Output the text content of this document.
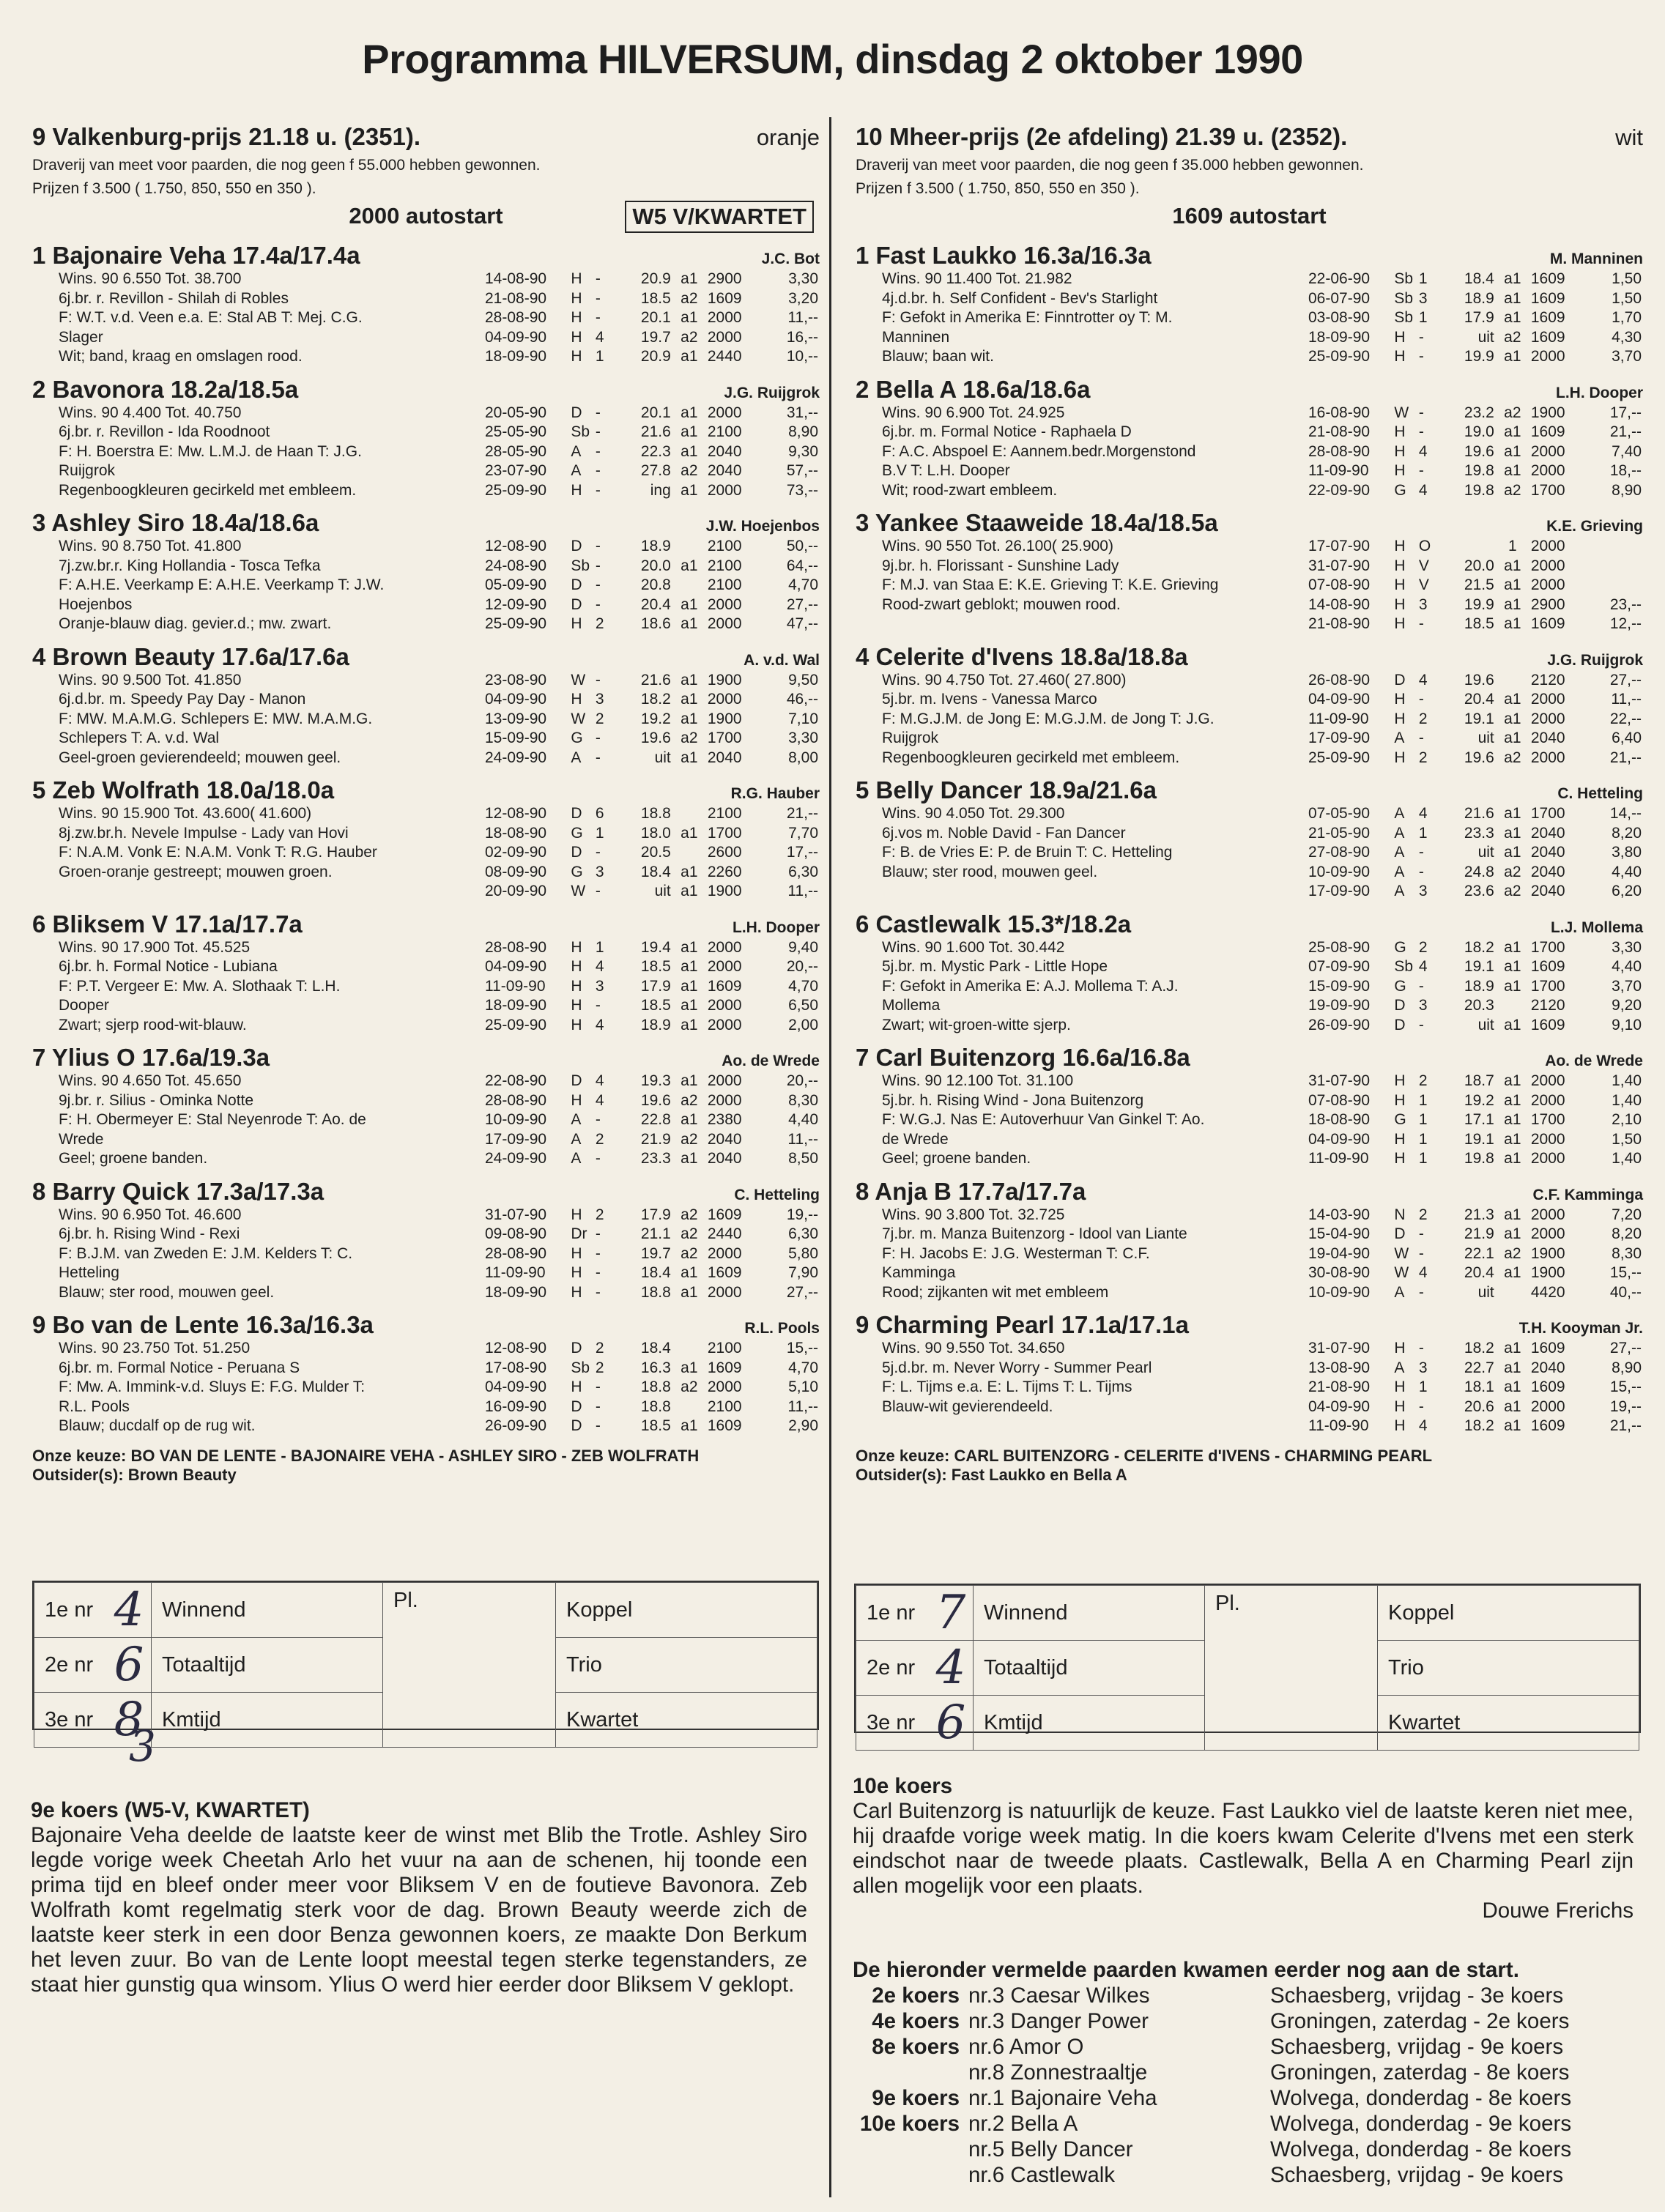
Programma HILVERSUM, dinsdag 2 oktober 1990
9 Valkenburg-prijs 21.18 u. (2351).	oranje
Draverij van meet voor paarden, die nog geen f 55.000 hebben gewonnen.
Prijzen f 3.500 ( 1.750, 850, 550 en 350 ).
2000 autostart	W5 V/KWARTET
1 Bajonaire Veha 17.4a/17.4a	J.C. Bot
Wins. 90 6.550 Tot. 38.700
6j.br. r. Revillon - Shilah di Robles
F: W.T. v.d. Veen e.a. E: Stal AB T: Mej. C.G.
Slager
Wit; band, kraag en omslagen rood.
14-08-90	H	-	20.9	a1	2900	3,30
21-08-90	H	-	18.5	a2	1609	3,20
28-08-90	H	-	20.1	a1	2000	11,--
04-09-90	H	4	19.7	a2	2000	16,--
18-09-90	H	1	20.9	a1	2440	10,--
2 Bavonora 18.2a/18.5a	J.G. Ruijgrok
Wins. 90 4.400 Tot. 40.750
6j.br. r. Revillon - Ida Roodnoot
F: H. Boerstra E: Mw. L.M.J. de Haan T: J.G.
Ruijgrok
Regenboogkleuren gecirkeld met embleem.
20-05-90	D	-	20.1	a1	2000	31,--
25-05-90	Sb	-	21.6	a1	2100	8,90
28-05-90	A	-	22.3	a1	2040	9,30
23-07-90	A	-	27.8	a2	2040	57,--
25-09-90	H	-	ing	a1	2000	73,--
3 Ashley Siro 18.4a/18.6a	J.W. Hoejenbos
Wins. 90 8.750 Tot. 41.800
7j.zw.br.r. King Hollandia - Tosca Tefka
F: A.H.E. Veerkamp E: A.H.E. Veerkamp T: J.W.
Hoejenbos
Oranje-blauw diag. gevier.d.; mw. zwart.
12-08-90	D	-	18.9		2100	50,--
24-08-90	Sb	-	20.0	a1	2100	64,--
05-09-90	D	-	20.8		2100	4,70
12-09-90	D	-	20.4	a1	2000	27,--
25-09-90	H	2	18.6	a1	2000	47,--
4 Brown Beauty 17.6a/17.6a	A. v.d. Wal
Wins. 90 9.500 Tot. 41.850
6j.d.br. m. Speedy Pay Day - Manon
F: MW. M.A.M.G. Schlepers E: MW. M.A.M.G.
Schlepers T: A. v.d. Wal
Geel-groen gevierendeeld; mouwen geel.
23-08-90	W	-	21.6	a1	1900	9,50
04-09-90	H	3	18.2	a1	2000	46,--
13-09-90	W	2	19.2	a1	1900	7,10
15-09-90	G	-	19.6	a2	1700	3,30
24-09-90	A	-	uit	a1	2040	8,00
5 Zeb Wolfrath 18.0a/18.0a	R.G. Hauber
Wins. 90 15.900 Tot. 43.600( 41.600)
8j.zw.br.h. Nevele Impulse - Lady van Hovi
F: N.A.M. Vonk E: N.A.M. Vonk T: R.G. Hauber
Groen-oranje gestreept; mouwen groen.
12-08-90	D	6	18.8		2100	21,--
18-08-90	G	1	18.0	a1	1700	7,70
02-09-90	D	-	20.5		2600	17,--
08-09-90	G	3	18.4	a1	2260	6,30
20-09-90	W	-	uit	a1	1900	11,--
6 Bliksem V 17.1a/17.7a	L.H. Dooper
Wins. 90 17.900 Tot. 45.525
6j.br. h. Formal Notice - Lubiana
F: P.T. Vergeer E: Mw. A. Slothaak T: L.H.
Dooper
Zwart; sjerp rood-wit-blauw.
28-08-90	H	1	19.4	a1	2000	9,40
04-09-90	H	4	18.5	a1	2000	20,--
11-09-90	H	3	17.9	a1	1609	4,70
18-09-90	H	-	18.5	a1	2000	6,50
25-09-90	H	4	18.9	a1	2000	2,00
7 Ylius O 17.6a/19.3a	Ao. de Wrede
Wins. 90 4.650 Tot. 45.650
9j.br. r. Silius - Ominka Notte
F: H. Obermeyer E: Stal Neyenrode T: Ao. de
Wrede
Geel; groene banden.
22-08-90	D	4	19.3	a1	2000	20,--
28-08-90	H	4	19.6	a2	2000	8,30
10-09-90	A	-	22.8	a1	2380	4,40
17-09-90	A	2	21.9	a2	2040	11,--
24-09-90	A	-	23.3	a1	2040	8,50
8 Barry Quick 17.3a/17.3a	C. Hetteling
Wins. 90 6.950 Tot. 46.600
6j.br. h. Rising Wind - Rexi
F: B.J.M. van Zweden E: J.M. Kelders T: C.
Hetteling
Blauw; ster rood, mouwen geel.
31-07-90	H	2	17.9	a2	1609	19,--
09-08-90	Dr	-	21.1	a2	2440	6,30
28-08-90	H	-	19.7	a2	2000	5,80
11-09-90	H	-	18.4	a1	1609	7,90
18-09-90	H	-	18.8	a1	2000	27,--
9 Bo van de Lente 16.3a/16.3a	R.L. Pools
Wins. 90 23.750 Tot. 51.250
6j.br. m. Formal Notice - Peruana S
F: Mw. A. Immink-v.d. Sluys E: F.G. Mulder T:
R.L. Pools
Blauw; ducdalf op de rug wit.
12-08-90	D	2	18.4		2100	15,--
17-08-90	Sb	2	16.3	a1	1609	4,70
04-09-90	H	-	18.8	a2	2000	5,10
16-09-90	D	-	18.8		2100	11,--
26-09-90	D	-	18.5	a1	1609	2,90
Onze keuze: BO VAN DE LENTE - BAJONAIRE VEHA - ASHLEY SIRO - ZEB WOLFRATH
Outsider(s): Brown Beauty
10 Mheer-prijs (2e afdeling) 21.39 u. (2352).	wit
Draverij van meet voor paarden, die nog geen f 35.000 hebben gewonnen.
Prijzen f 3.500 ( 1.750, 850, 550 en 350 ).
1609 autostart
1 Fast Laukko 16.3a/16.3a	M. Manninen
Wins. 90 11.400 Tot. 21.982
4j.d.br. h. Self Confident - Bev's Starlight
F: Gefokt in Amerika E: Finntrotter oy T: M.
Manninen
Blauw; baan wit.
22-06-90	Sb	1	18.4	a1	1609	1,50
06-07-90	Sb	3	18.9	a1	1609	1,50
03-08-90	Sb	1	17.9	a1	1609	1,70
18-09-90	H	-	uit	a2	1609	4,30
25-09-90	H	-	19.9	a1	2000	3,70
2 Bella A 18.6a/18.6a	L.H. Dooper
Wins. 90 6.900 Tot. 24.925
6j.br. m. Formal Notice - Raphaela D
F: A.C. Abspoel E: Aannem.bedr.Morgenstond
B.V T: L.H. Dooper
Wit; rood-zwart embleem.
16-08-90	W	-	23.2	a2	1900	17,--
21-08-90	H	-	19.0	a1	1609	21,--
28-08-90	H	4	19.6	a1	2000	7,40
11-09-90	H	-	19.8	a1	2000	18,--
22-09-90	G	4	19.8	a2	1700	8,90
3 Yankee Staaweide 18.4a/18.5a	K.E. Grieving
Wins. 90 550 Tot. 26.100( 25.900)
9j.br. h. Florissant - Sunshine Lady
F: M.J. van Staa E: K.E. Grieving T: K.E. Grieving
Rood-zwart geblokt; mouwen rood.
17-07-90	H	O		1	2000	
31-07-90	H	V	20.0	a1	2000	
07-08-90	H	V	21.5	a1	2000	
14-08-90	H	3	19.9	a1	2900	23,--
21-08-90	H	-	18.5	a1	1609	12,--
4 Celerite d'Ivens 18.8a/18.8a	J.G. Ruijgrok
Wins. 90 4.750 Tot. 27.460( 27.800)
5j.br. m. Ivens - Vanessa Marco
F: M.G.J.M. de Jong E: M.G.J.M. de Jong T: J.G.
Ruijgrok
Regenboogkleuren gecirkeld met embleem.
26-08-90	D	4	19.6		2120	27,--
04-09-90	H	-	20.4	a1	2000	11,--
11-09-90	H	2	19.1	a1	2000	22,--
17-09-90	A	-	uit	a1	2040	6,40
25-09-90	H	2	19.6	a2	2000	21,--
5 Belly Dancer 18.9a/21.6a	C. Hetteling
Wins. 90 4.050 Tot. 29.300
6j.vos m. Noble David - Fan Dancer
F: B. de Vries E: P. de Bruin T: C. Hetteling
Blauw; ster rood, mouwen geel.
07-05-90	A	4	21.6	a1	1700	14,--
21-05-90	A	1	23.3	a1	2040	8,20
27-08-90	A	-	uit	a1	2040	3,80
10-09-90	A	-	24.8	a2	2040	4,40
17-09-90	A	3	23.6	a2	2040	6,20
6 Castlewalk 15.3*/18.2a	L.J. Mollema
Wins. 90 1.600 Tot. 30.442
5j.br. m. Mystic Park - Little Hope
F: Gefokt in Amerika E: A.J. Mollema T: A.J.
Mollema
Zwart; wit-groen-witte sjerp.
25-08-90	G	2	18.2	a1	1700	3,30
07-09-90	Sb	4	19.1	a1	1609	4,40
15-09-90	G	-	18.9	a1	1700	3,70
19-09-90	D	3	20.3		2120	9,20
26-09-90	D	-	uit	a1	1609	9,10
7 Carl Buitenzorg 16.6a/16.8a	Ao. de Wrede
Wins. 90 12.100 Tot. 31.100
5j.br. h. Rising Wind - Jona Buitenzorg
F: W.G.J. Nas E: Autoverhuur Van Ginkel T: Ao.
de Wrede
Geel; groene banden.
31-07-90	H	2	18.7	a1	2000	1,40
07-08-90	H	1	19.2	a1	2000	1,40
18-08-90	G	1	17.1	a1	1700	2,10
04-09-90	H	1	19.1	a1	2000	1,50
11-09-90	H	1	19.8	a1	2000	1,40
8 Anja B 17.7a/17.7a	C.F. Kamminga
Wins. 90 3.800 Tot. 32.725
7j.br. m. Manza Buitenzorg - Idool van Liante
F: H. Jacobs E: J.G. Westerman T: C.F.
Kamminga
Rood; zijkanten wit met embleem
14-03-90	N	2	21.3	a1	2000	7,20
15-04-90	D	-	21.9	a1	2000	8,20
19-04-90	W	-	22.1	a2	1900	8,30
30-08-90	W	4	20.4	a1	1900	15,--
10-09-90	A	-	uit		4420	40,--
9 Charming Pearl 17.1a/17.1a	T.H. Kooyman Jr.
Wins. 90 9.550 Tot. 34.650
5j.d.br. m. Never Worry - Summer Pearl
F: L. Tijms e.a. E: L. Tijms T: L. Tijms
Blauw-wit gevierendeeld.
31-07-90	H	-	18.2	a1	1609	27,--
13-08-90	A	3	22.7	a1	2040	8,90
21-08-90	H	1	18.1	a1	1609	15,--
04-09-90	H	-	20.6	a1	2000	19,--
11-09-90	H	4	18.2	a1	1609	21,--
Onze keuze: CARL BUITENZORG - CELERITE d'IVENS - CHARMING PEARL
Outsider(s): Fast Laukko en Bella A
1e nr	4	Winnend	Pl.	Koppel
2e nr	6	Totaaltijd		Trio
3e nr	8	Kmtijd		Kwartet
3
1e nr	7	Winnend	Pl.	Koppel
2e nr	4	Totaaltijd		Trio
3e nr	6	Kmtijd		Kwartet
9e koers (W5-V, KWARTET)
Bajonaire Veha deelde de laatste keer de winst met Blib the Trotle. Ashley Siro legde vorige week Cheetah Arlo het vuur na aan de schenen, hij toonde een prima tijd en bleef onder meer voor Bliksem V en de foutieve Bavonora. Zeb Wolfrath komt regelmatig sterk voor de dag. Brown Beauty weerde zich de laatste keer sterk in een door Benza gewonnen koers, ze maakte Don Berkum het leven zuur. Bo van de Lente loopt meestal tegen sterke tegenstanders, ze staat hier gunstig qua winsom. Ylius O werd hier eerder door Bliksem V geklopt.
10e koers
Carl Buitenzorg is natuurlijk de keuze. Fast Laukko viel de laatste keren niet mee, hij draafde vorige week matig. In die koers kwam Celerite d'Ivens met een sterk eindschot naar de tweede plaats. Castlewalk, Bella A en Charming Pearl zijn allen mogelijk voor een plaats.
Douwe Frerichs
De hieronder vermelde paarden kwamen eerder nog aan de start.
2e koers	nr.3 Caesar Wilkes	Schaesberg, vrijdag - 3e koers
4e koers	nr.3 Danger Power	Groningen, zaterdag - 2e koers
8e koers	nr.6 Amor O	Schaesberg, vrijdag - 9e koers
	nr.8 Zonnestraaltje	Groningen, zaterdag - 8e koers
9e koers	nr.1 Bajonaire Veha	Wolvega, donderdag - 8e koers
10e koers	nr.2 Bella A	Wolvega, donderdag - 9e koers
	nr.5 Belly Dancer	Wolvega, donderdag - 8e koers
	nr.6 Castlewalk	Schaesberg, vrijdag - 9e koers
